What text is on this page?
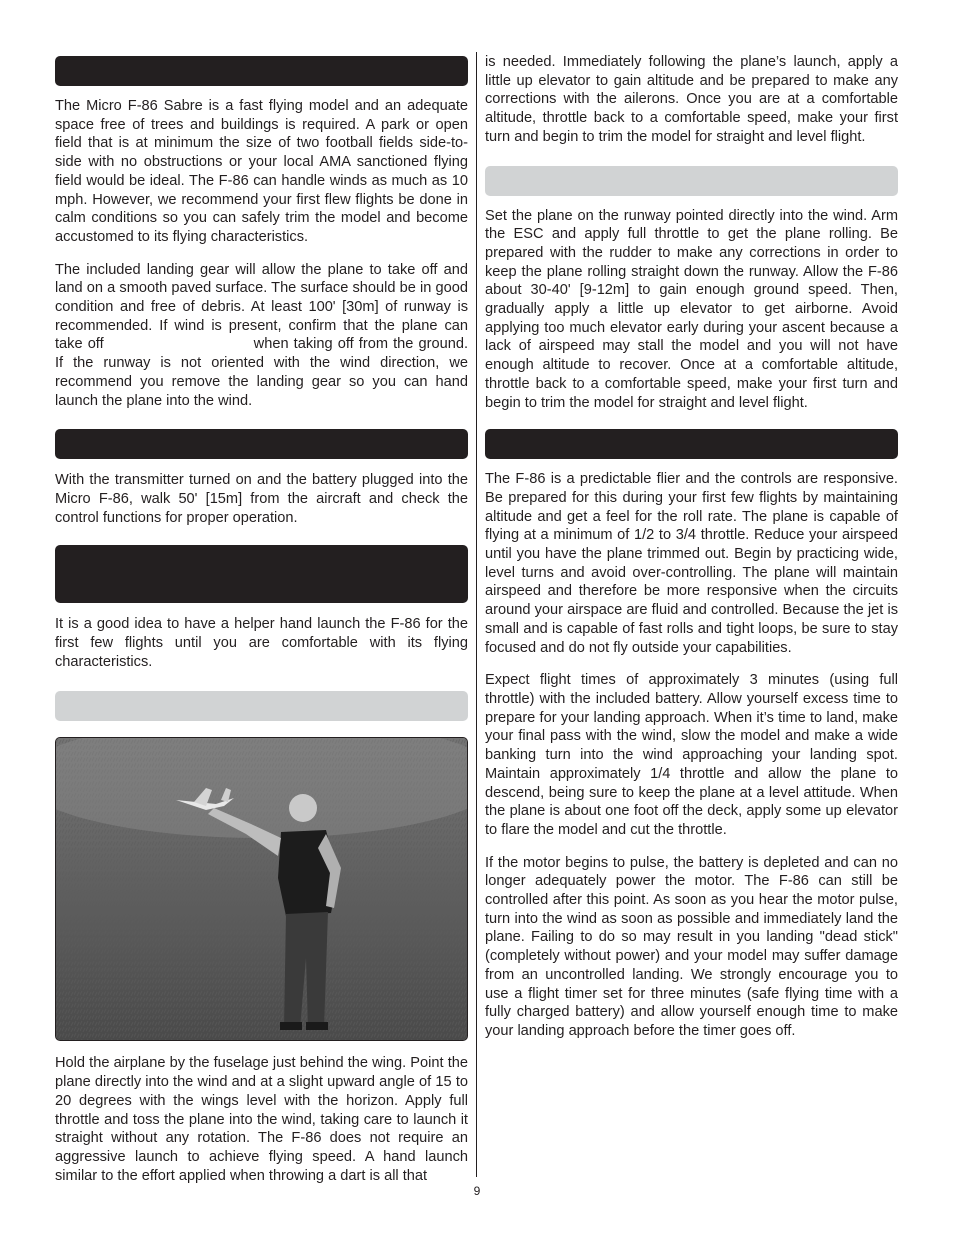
The Micro F-86 Sabre is a fast flying model and an adequate space free of trees and buildings is required. A park or open field that is at minimum the size of two football fields side-to-side with no obstructions or your local AMA sanctioned flying field would be ideal. The F-86 can handle winds as much as 10 mph. However, we recommend your first flew flights be done in calm conditions so you can safely trim the model and become accustomed to its flying characteristics.

The included landing gear will allow the plane to take off and land on a smooth paved surface. The surface should be in good condition and free of debris. At least 100' [30m] of runway is recommended. If wind is present, confirm that the plane can take off	when taking off from the ground. If the runway is not oriented with the wind direction, we recommend you remove the landing gear so you can hand launch the plane into the wind.

With the transmitter turned on and the battery plugged into the Micro F-86, walk 50' [15m] from the aircraft and check the control functions for proper operation.

It is a good idea to have a helper hand launch the F-86 for the first few flights until you are comfortable with its flying characteristics.

Hold the airplane by the fuselage just behind the wing. Point the plane directly into the wind and at a slight upward angle of 15 to 20 degrees with the wings level with the horizon. Apply full throttle and toss the plane into the wind, taking care to launch it straight without any rotation. The F-86 does not require an aggressive launch to achieve flying speed. A hand launch similar to the effort applied when throwing a dart is all that

is needed. Immediately following the plane’s launch, apply a little up elevator to gain altitude and be prepared to make any corrections with the ailerons. Once you are at a comfortable altitude, throttle back to a comfortable speed, make your first turn and begin to trim the model for straight and level flight.

Set the plane on the runway pointed directly into the wind. Arm the ESC and apply full throttle to get the plane rolling. Be prepared with the rudder to make any corrections in order to keep the plane rolling straight down the runway. Allow the F-86 about 30-40' [9-12m] to gain enough ground speed. Then, gradually apply a little up elevator to get airborne. Avoid applying too much elevator early during your ascent because a lack of airspeed may stall the model and you will not have enough altitude to recover. Once at a comfortable altitude, throttle back to a comfortable speed, make your first turn and begin to trim the model for straight and level flight.

The F-86 is a predictable flier and the controls are responsive. Be prepared for this during your first few flights by maintaining altitude and get a feel for the roll rate. The plane is capable of flying at a minimum of 1/2 to 3/4 throttle. Reduce your airspeed until you have the plane trimmed out. Begin by practicing wide, level turns and avoid over-controlling. The plane will maintain airspeed and therefore be more responsive when the circuits around your airspace are fluid and controlled. Because the jet is small and is capable of fast rolls and tight loops, be sure to stay focused and do not fly outside your capabilities.

Expect flight times of approximately 3 minutes (using full throttle) with the included battery. Allow yourself excess time to prepare for your landing approach. When it’s time to land, make your final pass with the wind, slow the model and make a wide banking turn into the wind approaching your landing spot. Maintain approximately 1/4 throttle and allow the plane to descend, being sure to keep the plane at a level attitude. When the plane is about one foot off the deck, apply some up elevator to flare the model and cut the throttle.

If the motor begins to pulse, the battery is depleted and can no longer adequately power the motor. The F-86 can still be controlled after this point. As soon as you hear the motor pulse, turn into the wind as soon as possible and immediately land the plane. Failing to do so may result in you landing "dead stick" (completely without power) and your model may suffer damage from an uncontrolled landing. We strongly encourage you to use a flight timer set for three minutes (safe flying time with a fully charged battery) and allow yourself enough time to make your landing approach before the timer goes off.

9
